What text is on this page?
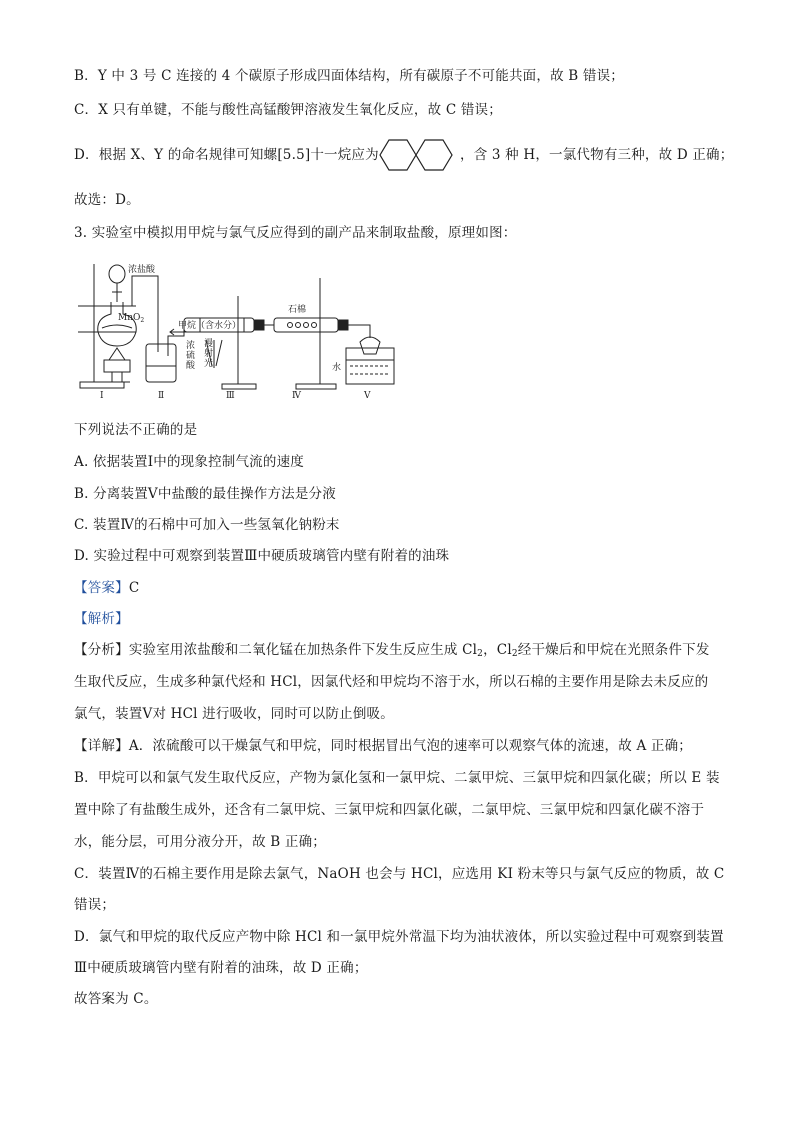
B．Y 中 3 号 C 连接的 4 个碳原子形成四面体结构，所有碳原子不可能共面，故 B 错误；
C．X 只有单键，不能与酸性高锰酸钾溶液发生氧化反应，故 C 错误；
D．根据 X、Y 的命名规律可知螺[5.5]十一烷应为	，含 3 种 H，一氯代物有三种，故 D 正确；
故选：D。
3. 实验室中模拟用甲烷与氯气反应得到的副产品来制取盐酸，原理如图：
浓盐酸
MnO$_2$
甲烷（含水分）
石棉
漫
射
光
浓
硫
酸	水
Ⅰ	Ⅱ	Ⅲ	Ⅳ	Ⅴ
下列说法不正确的是
A. 依据装置Ⅰ中的现象控制气流的速度
B. 分离装置Ⅴ中盐酸的最佳操作方法是分液
C. 装置Ⅳ的石棉中可加入一些氢氧化钠粉末
D. 实验过程中可观察到装置Ⅲ中硬质玻璃管内壁有附着的油珠
【答案】C
【解析】
【分析】实验室用浓盐酸和二氧化锰在加热条件下发生反应生成 $Cl_2$，$Cl_2$经干燥后和甲烷在光照条件下发
生取代反应，生成多种氯代烃和 HCl，因氯代烃和甲烷均不溶于水，所以石棉的主要作用是除去未反应的
氯气，装置Ⅴ对 HCl 进行吸收，同时可以防止倒吸。
【详解】A．浓硫酸可以干燥氯气和甲烷，同时根据冒出气泡的速率可以观察气体的流速，故 A 正确；
B．甲烷可以和氯气发生取代反应，产物为氯化氢和一氯甲烷、二氯甲烷、三氯甲烷和四氯化碳；所以 E 装
置中除了有盐酸生成外，还含有二氯甲烷、三氯甲烷和四氯化碳，二氯甲烷、三氯甲烷和四氯化碳不溶于
水，能分层，可用分液分开，故 B 正确；
C．装置Ⅳ的石棉主要作用是除去氯气，NaOH 也会与 HCl，应选用 KI 粉末等只与氯气反应的物质，故 C
错误；
D．氯气和甲烷的取代反应产物中除 HCl 和一氯甲烷外常温下均为油状液体，所以实验过程中可观察到装置
Ⅲ中硬质玻璃管内壁有附着的油珠，故 D 正确；
故答案为 C。
